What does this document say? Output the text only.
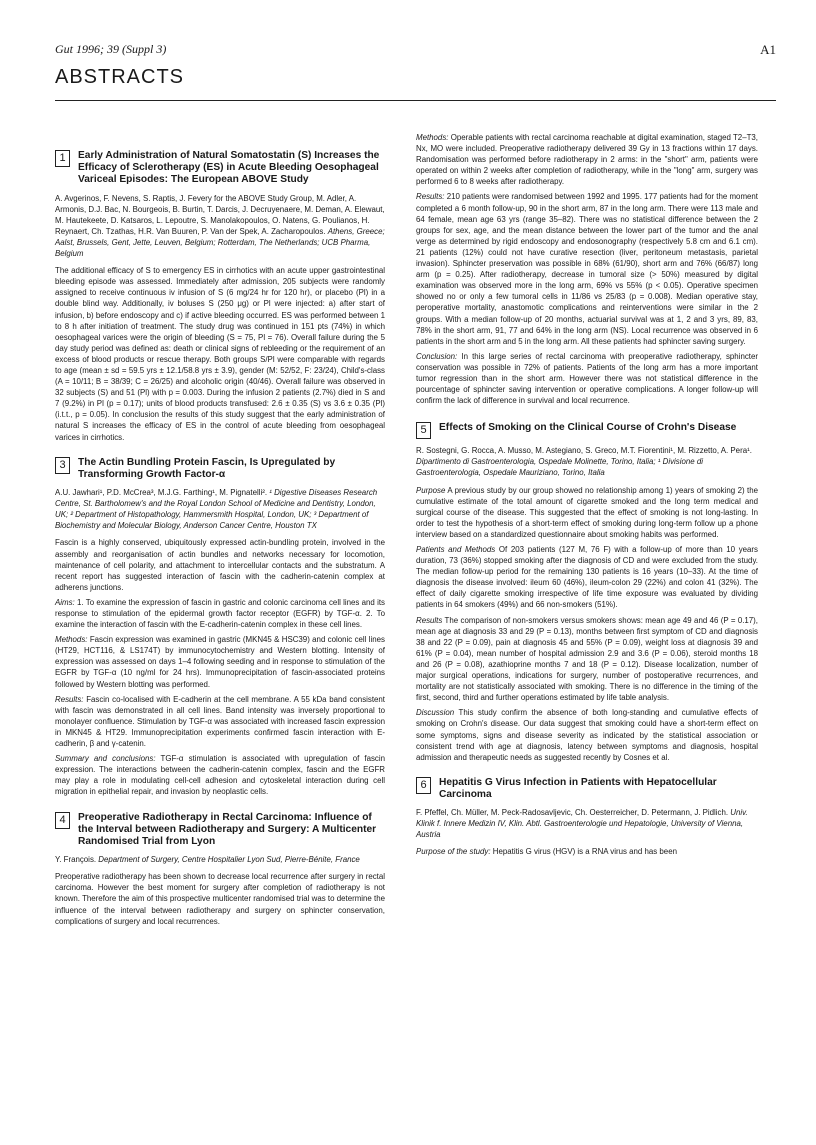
Gut 1996; 39 (Suppl 3)	A1
ABSTRACTS
1	Early Administration of Natural Somatostatin (S) Increases the Efficacy of Sclerotherapy (ES) in Acute Bleeding Oesophageal Variceal Episodes: The European ABOVE Study
A. Avgerinos, F. Nevens, S. Raptis, J. Fevery for the ABOVE Study Group, M. Adler, A. Armonis, D.J. Bac, N. Bourgeois, B. Burtin, T. Darcis, J. Decruyenaere, M. Deman, A. Elewaut, M. Hautekeete, D. Katsaros, L. Lepoutre, S. Manolakopoulos, O. Natens, G. Poulianos, H. Reynaert, Ch. Tzathas, H.R. Van Buuren, P. Van der Spek, A. Zacharopoulos. Athens, Greece; Aalst, Brussels, Gent, Jette, Leuven, Belgium; Rotterdam, The Netherlands; UCB Pharma, Belgium

The additional efficacy of S to emergency ES in cirrhotics with an acute upper gastrointestinal bleeding episode was assessed. Immediately after admission, 205 subjects were randomly assigned to receive continuous iv infusion of S (6 mg/24 hr for 120 hr), or placebo (Pl) in a double blind way. Additionally, iv boluses S (250 μg) or Pl were injected: a) after start of infusion, b) before endoscopy and c) if active bleeding occurred. ES was performed between 1 to 8 h after initiation of treatment. The study drug was continued in 151 pts (74%) in which oesophageal varices were the origin of bleeding (S = 75, Pl = 76). Overall failure during the 5 day study period was defined as: death or clinical signs of rebleeding or the requirement of an excess of blood products or rescue therapy. Both groups S/Pl were comparable with regards to age (mean ± sd = 59.5 yrs ± 12.1/58.8 yrs ± 3.9), gender (M: 52/52, F: 23/24), Child's-class (A = 10/11; B = 38/39; C = 26/25) and alcoholic origin (40/46). Overall failure was observed in 32 subjects (S) and 51 (Pl) with p = 0.003. During the infusion 2 patients (2.7%) died in S and 7 (9.2%) in Pl (p = 0.17); units of blood products transfused: 2.6 ± 0.35 (S) vs 3.6 ± 0.35 (Pl) (i.t.t., p = 0.05). In conclusion the results of this study suggest that the early administration of natural S increases the efficacy of ES in the control of acute bleeding from oesophageal varices in cirrhotics.

3	The Actin Bundling Protein Fascin, Is Upregulated by Transforming Growth Factor-α
A.U. Jawhari¹, P.D. McCrea³, M.J.G. Farthing¹, M. Pignatelli². ¹ Digestive Diseases Research Centre, St. Bartholomew's and the Royal London School of Medicine and Dentistry, London, UK; ² Department of Histopathology, Hammersmith Hospital, London, UK; ³ Department of Biochemistry and Molecular Biology, Anderson Cancer Centre, Houston TX

Fascin is a highly conserved, ubiquitously expressed actin-bundling protein, involved in the assembly and reorganisation of actin bundles and networks necessary for locomotion, maintenance of cell polarity, and attachment to intercellular contacts and the substratum. A recent report has suggested interaction of fascin with the cadherin-catenin complex at adherens junctions.

Aims: 1. To examine the expression of fascin in gastric and colonic carcinoma cell lines and its response to stimulation of the epidermal growth factor receptor (EGFR) by TGF-α. 2. To examine the interaction of fascin with the E-cadherin-catenin complex in these cell lines.

Methods: Fascin expression was examined in gastric (MKN45 & HSC39) and colonic cell lines (HT29, HCT116, & LS174T) by immunocytochemistry and Western blotting. Intensity of expression was assessed on days 1–4 following seeding and in response to stimulation of the EGFR by TGF-α (10 ng/ml for 24 hrs). Immunoprecipitation of fascin-associated proteins followed by Western blotting was performed.

Results: Fascin co-localised with E-cadherin at the cell membrane. A 55 kDa band consistent with fascin was demonstrated in all cell lines. Band intensity was inversely proportional to monolayer confluence. Stimulation by TGF-α was associated with increased fascin expression in MKN45 & HT29. Immunoprecipitation experiments confirmed fascin interaction with E-cadherin, β and γ-catenin.

Summary and conclusions: TGF-α stimulation is associated with upregulation of fascin expression. The interactions between the cadherin-catenin complex, fascin and the EGFR may play a role in modulating cell-cell adhesion and cytoskeletal interaction during cell migration in epithelial repair, and invasion by neoplastic cells.

4	Preoperative Radiotherapy in Rectal Carcinoma: Influence of the Interval between Radiotherapy and Surgery: A Multicenter Randomised Trial from Lyon
Y. François. Department of Surgery, Centre Hospitalier Lyon Sud, Pierre-Bénite, France

Preoperative radiotherapy has been shown to decrease local recurrence after surgery in rectal carcinoma. However the best moment for surgery after completion of radiotherapy is not known. Therefore the aim of this prospective multicenter randomised trial was to determine the influence of the interval between radiotherapy and surgery on sphincter conservation, complications of surgery and local recurrences.

Methods: Operable patients with rectal carcinoma reachable at digital examination, staged T2–T3, Nx, MO were included. Preoperative radiotherapy delivered 39 Gy in 13 fractions within 17 days. Randomisation was performed before radiotherapy in 2 arms: in the "short" arm, patients were operated on within 2 weeks after completion of radiotherapy, while in the "long" arm, surgery was performed 6 to 8 weeks after radiotherapy.

Results: 210 patients were randomised between 1992 and 1995. 177 patients had for the moment completed a 6 month follow-up, 90 in the short arm, 87 in the long arm. There were 113 male and 64 female, mean age 63 yrs (range 35–82). There was no statistical difference between the 2 groups for sex, age, and the mean distance between the lower part of the tumor and the anal verge as determined by rigid endoscopy and endosonography (respectively 5.8 cm and 6.1 cm). 21 patients (12%) could not have curative resection (liver, peritoneum metastasis, parietal invasion). Sphincter preservation was possible in 68% (61/90), short arm and 76% (66/87) long arm (p = 0.25). After radiotherapy, decrease in tumoral size (> 50%) measured by digital examination was observed more in the long arm, 69% vs 55% (p < 0.05). Operative specimen showed no or only a few tumoral cells in 11/86 vs 25/83 (p = 0.008). Median operative stay, peroperative mortality, anastomotic complications and reinterventions were similar in the 2 groups. With a median follow-up of 20 months, actuarial survival was at 1, 2 and 3 yrs, 89, 83, 78% in the short arm, 91, 77 and 64% in the long arm (NS). Local recurrence was observed in 6 patients in the short arm and 5 in the long arm. All these patients had sphincter saving surgery.

Conclusion: In this large series of rectal carcinoma with preoperative radiotherapy, sphincter conservation was possible in 72% of patients. Patients of the long arm has a more important tumor regression than in the short arm. However there was not statistical difference in the pourcentage of sphincter saving intervention or operative complications. A longer follow-up will confirm the lack of difference in survival and local recurrence.

5	Effects of Smoking on the Clinical Course of Crohn's Disease
R. Sostegni, G. Rocca, A. Musso, M. Astegiano, S. Greco, M.T. Fiorentini¹, M. Rizzetto, A. Pera¹. Dipartimento di Gastroenterologia, Ospedale Molinette, Torino, Italia; ¹ Divisione di Gastroenterologia, Ospedale Mauriziano, Torino, Italia

Purpose A previous study by our group showed no relationship among 1) years of smoking 2) the cumulative estimate of the total amount of cigarette smoked and the long term medical and surgical course of the disease. This suggested that the effect of smoking is not long-lasting. In order to test the hypothesis of a short-term effect of smoking during long-term follow up a phone interview based on a standardized questionnaire about smoking habits was performed.

Patients and Methods Of 203 patients (127 M, 76 F) with a follow-up of more than 10 years duration, 73 (36%) stopped smoking after the diagnosis of CD and were excluded from the study. The median follow-up period for the remaining 130 patients is 16 years (10–33). At the time of diagnosis the disease involved: ileum 60 (46%), ileum-colon 29 (22%) and colon 41 (32%). The effect of daily cigarette smoking irrespective of life time exposure was evaluated by dividing patients in 64 smokers (49%) and 66 non-smokers (51%).

Results The comparison of non-smokers versus smokers shows: mean age 49 and 46 (P = 0.17), mean age at diagnosis 33 and 29 (P = 0.13), months between first symptom of CD and diagnosis 38 and 22 (P = 0.09), pain at diagnosis 45 and 55% (P = 0.09), weight loss at diagnosis 39 and 61% (P = 0.04), mean number of hospital admission 2.9 and 3.6 (P = 0.06), steroid months 18 and 26 (P = 0.08), azathioprine months 7 and 18 (P = 0.12). Disease localization, number of major surgical operations, indications for surgery, number of postoperative recurrences, and mortality are not statistically associated with smoking. There is no difference in the timing of the first, second, third and further operations estimated by life table analysis.

Discussion This study confirm the absence of both long-standing and cumulative effects of smoking on Crohn's disease. Our data suggest that smoking could have a short-term effect on some symptoms, signs and disease severity as indicated by the statistical association or consistent trend with age at diagnosis, latency between symptoms and diagnosis, hospital admission and therapeutic needs as suggested recently by Cosnes et al.

6	Hepatitis G Virus Infection in Patients with Hepatocellular Carcinoma
F. Pfeffel, Ch. Müller, M. Peck-Radosavljevic, Ch. Oesterreicher, D. Petermann, J. Pidlich. Univ. Klinik f. Innere Medizin IV, Klin. Abtl. Gastroenterologie und Hepatologie, University of Vienna, Austria

Purpose of the study: Hepatitis G virus (HGV) is a RNA virus and has been
